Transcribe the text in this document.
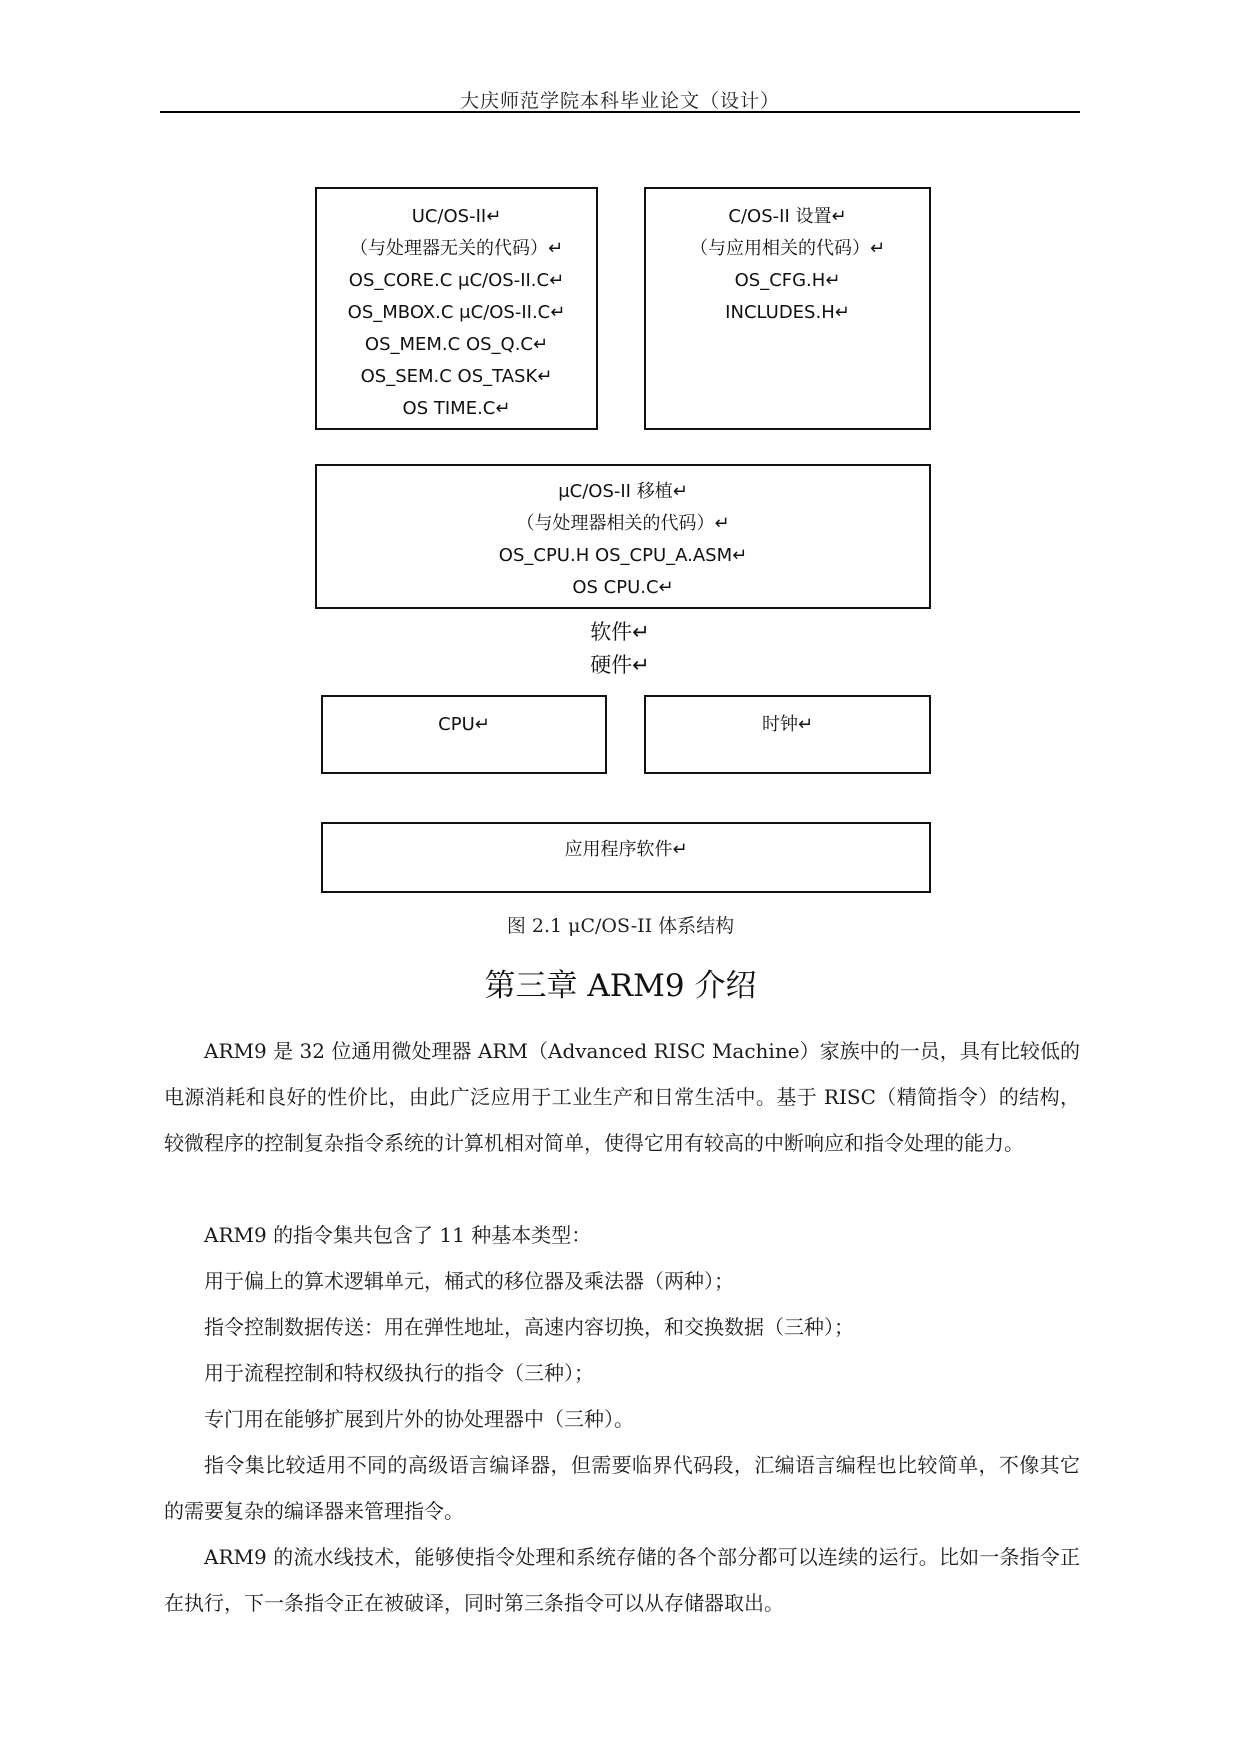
大庆师范学院本科毕业论文（设计）
UC/OS-II↵
（与处理器无关的代码）↵
OS_CORE.C μC/OS-II.C↵
OS_MBOX.C μC/OS-II.C↵
OS_MEM.C OS_Q.C↵
OS_SEM.C OS_TASK↵
OS TIME.C↵
C/OS-II 设置↵
（与应用相关的代码）↵
OS_CFG.H↵
INCLUDES.H↵
μC/OS-II 移植↵
（与处理器相关的代码）↵
OS_CPU.H OS_CPU_A.ASM↵
OS CPU.C↵
软件↵
硬件↵
CPU↵	时钟↵
应用程序软件↵
图 2.1 μC/OS-II 体系结构
第三章 ARM9 介绍

ARM9 是 32 位通用微处理器 ARM（Advanced RISC Machine）家族中的一员，具有比较低的电源消耗和良好的性价比，由此广泛应用于工业生产和日常生活中。基于 RISC（精简指令）的结构，较微程序的控制复杂指令系统的计算机相对简单，使得它用有较高的中断响应和指令处理的能力。

ARM9 的指令集共包含了 11 种基本类型：

用于偏上的算术逻辑单元，桶式的移位器及乘法器（两种）；

指令控制数据传送：用在弹性地址，高速内容切换，和交换数据（三种）；

用于流程控制和特权级执行的指令（三种）；

专门用在能够扩展到片外的协处理器中（三种）。

指令集比较适用不同的高级语言编译器，但需要临界代码段，汇编语言编程也比较简单，不像其它的需要复杂的编译器来管理指令。

ARM9 的流水线技术，能够使指令处理和系统存储的各个部分都可以连续的运行。比如一条指令正在执行，下一条指令正在被破译，同时第三条指令可以从存储器取出。
